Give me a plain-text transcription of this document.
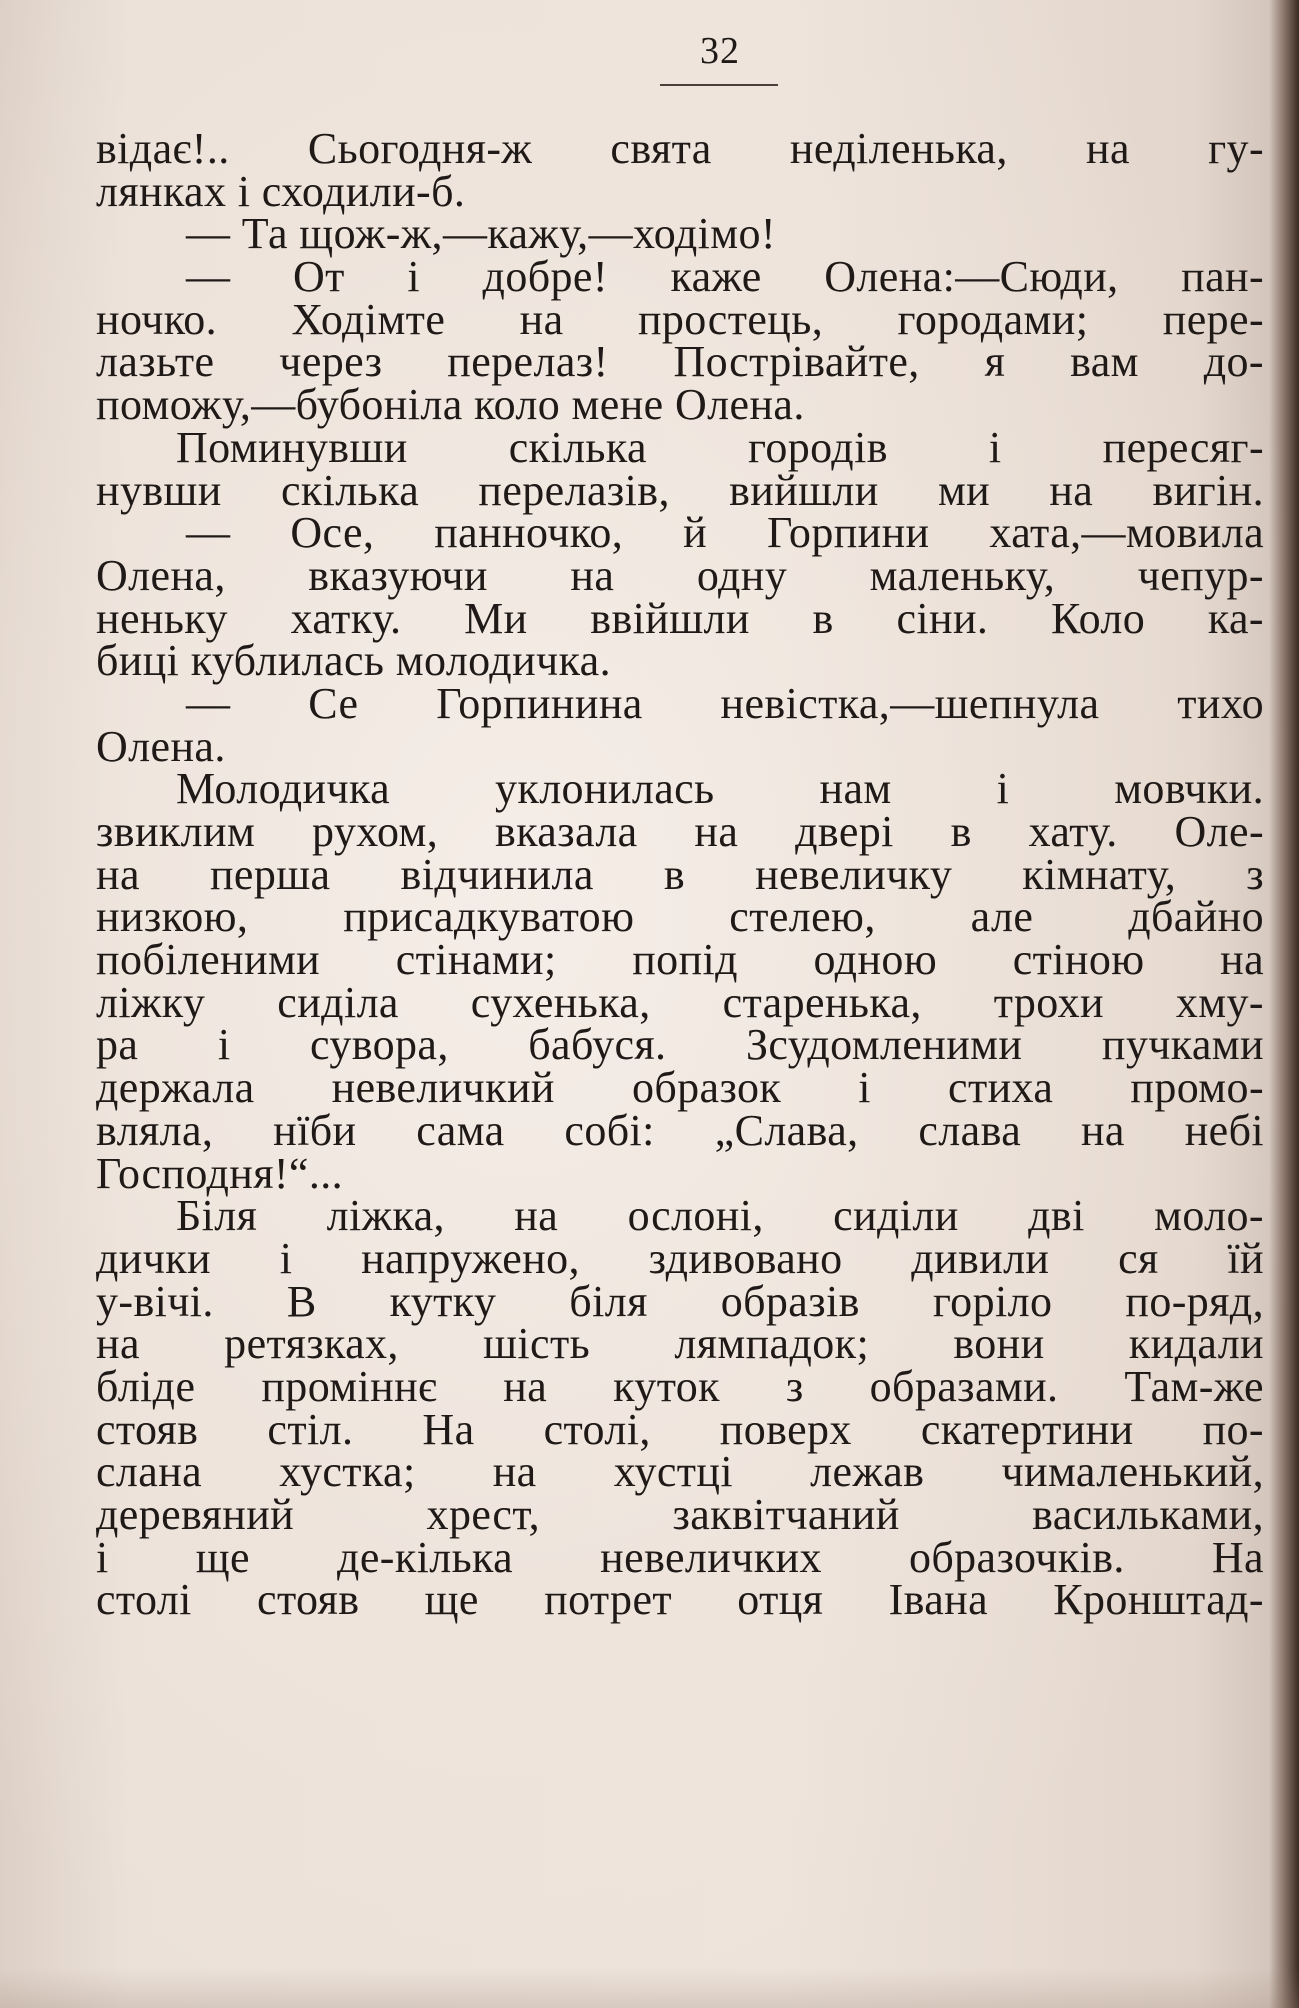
32
відає!.. Сьогодня-ж свята неділенька, на гу-
лянках і сходили-б.
— Та щож-ж,—кажу,—ходімо!
— От і добре! каже Олена:—Сюди, пан-
ночко. Ходімте на простець, городами; пере-
лазьте через перелаз! Пострівайте, я вам до-
поможу,—бубоніла коло мене Олена.
Поминувши скілька городів і пересяг-
нувши скілька перелазів, вийшли ми на вигін.
— Осе, панночко, й Горпини хата,—мовила
Олена, вказуючи на одну маленьку, чепур-
неньку хатку. Ми ввійшли в сіни. Коло ка-
биці кублилась молодичка.
— Се Горпинина невістка,—шепнула тихо
Олена.
Молодичка уклонилась нам і мовчки.
звиклим рухом, вказала на двері в хату. Оле-
на перша відчинила в невеличку кімнату, з
низкою, присадкуватою стелею, але дбайно
побіленими стінами; попід одною стіною на
ліжку сиділа сухенька, старенька, трохи хму-
ра і сувора, бабуся. Зсудомленими пучками
держала невеличкий образок і стиха промо-
вляла, нїби сама собі: „Слава, слава на небі
Господня!“...
Біля ліжка, на ослоні, сиділи дві моло-
дички і напружено, здивовано дивили ся їй
у-вічі. В кутку біля образів горіло по-ряд,
на ретязках, шість лямпадок; вони кидали
бліде проміннє на куток з образами. Там-же
стояв стіл. На столі, поверх скатертини по-
слана хустка; на хустці лежав чималенький,
деревяний хрест, заквітчаний васильками,
і ще де-кілька невеличких образочків. На
столі стояв ще потрет отця Івана Кронштад-
